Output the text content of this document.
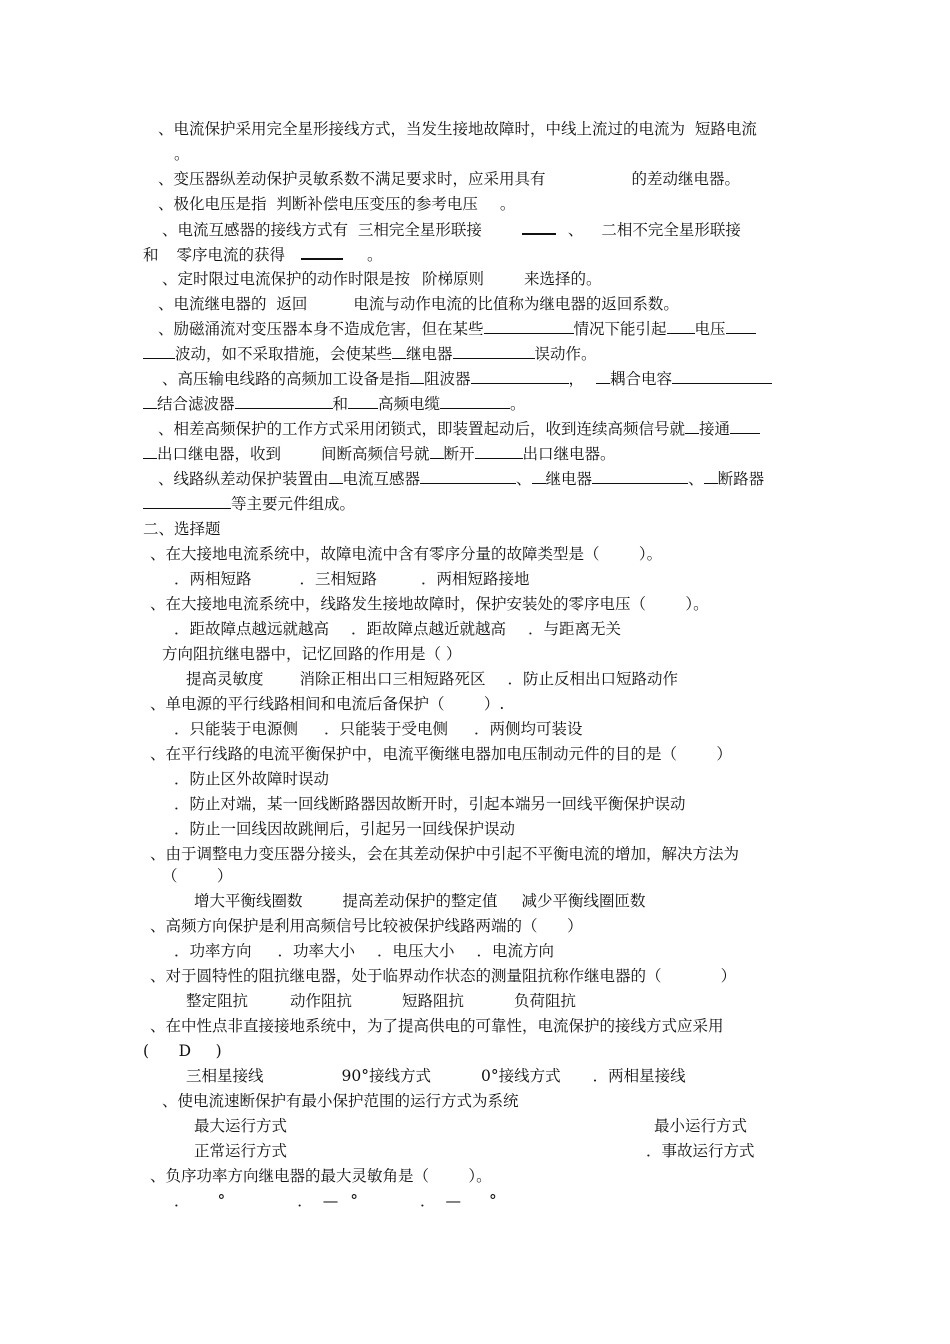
、电流保护采用完全星形接线方式，当发生接地故障时，中线上流过的电流为  短路电流
。
、变压器纵差动保护灵敏系数不满足要求时，应采用具有	的差动继电器。
、极化电压是指  判断补偿电压变压的参考电压 。
、电流互感器的接线方式有  三相完全星形联接	、 二相不完全星形联接
和 零序电流的获得	。
、定时限过电流保护的动作时限是按 阶梯原则	来选择的。
、电流继电器的  返回	电流与动作电流的比值称为继电器的返回系数。
、励磁涌流对变压器本身不造成危害，但在某些	情况下能引起 电压
波动，如不采取措施，会使某些 继电器	误动作。
、高压输电线路的高频加工设备是指 阻波器	， 耦合电容
结合滤波器	和 高频电缆	。
、相差高频保护的工作方式采用闭锁式，即装置起动后，收到连续高频信号就 接通
出口继电器，收到	间断高频信号就 断开	出口继电器。
、线路纵差动保护装置由 电流互感器	、 继电器	、 断路器
等主要元件组成。
二、选择题
、在大接地电流系统中，故障电流中含有零序分量的故障类型是（        ）。
．两相短路	．三相短路	．两相短路接地
、在大接地电流系统中，线路发生接地故障时，保护安装处的零序电压（        ）。
．距故障点越远就越高 ．距故障点越近就越高 ．与距离无关
方向阻抗继电器中，记忆回路的作用是（ ）
提高灵敏度 消除正相出口三相短路死区 ．防止反相出口短路动作
、单电源的平行线路相间和电流后备保护（        ）.
．只能装于电源侧 ．只能装于受电侧 ．两侧均可装设
、在平行线路的电流平衡保护中，电流平衡继电器加电压制动元件的目的是（        ）
．防止区外故障时误动
．防止对端，某一回线断路器因故断开时，引起本端另一回线平衡保护误动
．防止一回线因故跳闸后，引起另一回线保护误动
、由于调整电力变压器分接头，会在其差动保护中引起不平衡电流的增加，解决方法为
（        ）
增大平衡线圈数	提高差动保护的整定值 减少平衡线圈匝数
、高频方向保护是利用高频信号比较被保护线路两端的（      ）
．功率方向 ．功率大小 ．电压大小 ．电流方向
、对于圆特性的阻抗继电器，处于临界动作状态的测量阻抗称作继电器的（            ）
整定阻抗	动作阻抗	短路阻抗	负荷阻抗
、在中性点非直接接地系统中，为了提高供电的可靠性，电流保护的接线方式应采用
(      D     )
三相星接线	90°接线方式	0°接线方式 ．两相星接线
、使电流速断保护有最小保护范围的运行方式为系统
最大运行方式	最小运行方式
正常运行方式	．事故运行方式
、负序功率方向继电器的最大灵敏角是（        ）。
． °	． — °	． — °
